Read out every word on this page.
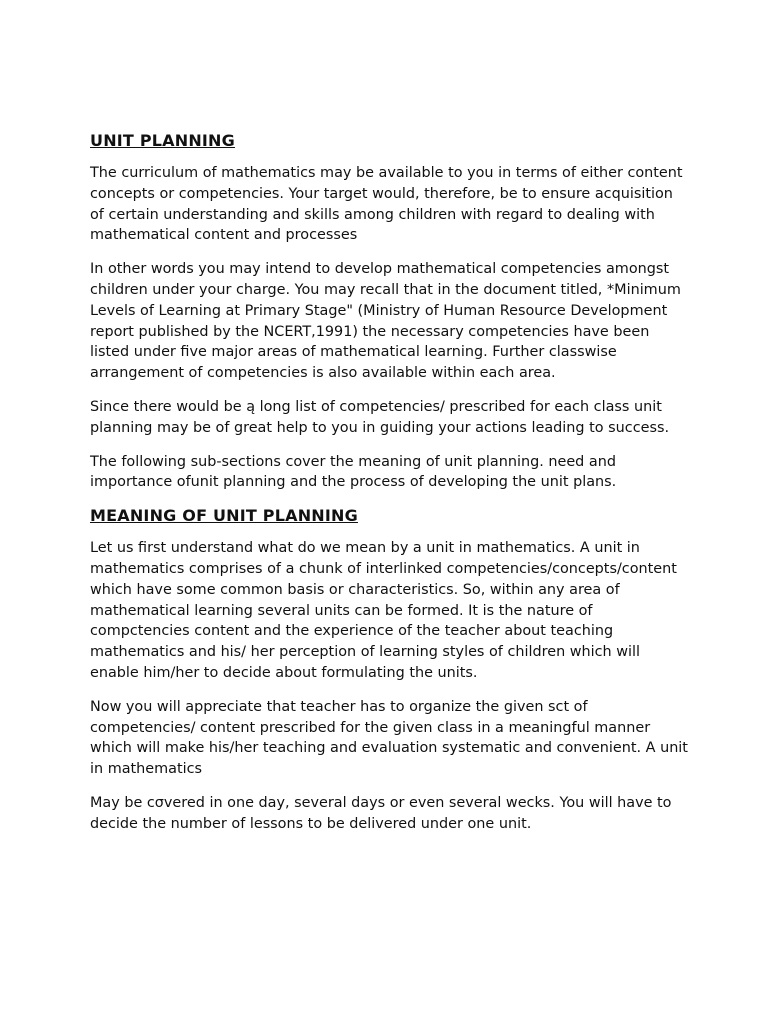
UNIT PLANNING

The curriculum of mathematics may be available to you in terms of either content concepts or competencies. Your target would, therefore, be to ensure acquisition of certain understanding and skills among children with regard to dealing with mathematical content and processes

In other words you may intend to develop mathematical competencies amongst children under your charge. You may recall that in the document titled, *Minimum Levels of Learning at Primary Stage" (Ministry of Human Resource Development report published by the NCERT,1991) the necessary competencies have been listed under five major areas of mathematical learning. Further classwise arrangement of competencies is also available within each area.

Since there would be ą long list of competencies/ prescribed for each class unit planning may be of great help to you in guiding your actions leading to success.

The following sub-sections cover the meaning of unit planning. need and importance ofunit planning and the process of developing the unit plans.

MEANING OF UNIT PLANNING

Let us first understand what do we mean by a unit in mathematics. A unit in mathematics comprises of a chunk of interlinked competencies/concepts/content which have some common basis or characteristics. So, within any area of mathematical learning several units can be formed. It is the nature of compctencies content and the experience of the teacher about teaching mathematics and his/ her perception of learning styles of children which will enable him/her to decide about formulating the units.

Now you will appreciate that teacher has to organize the given sct of competencies/ content prescribed for the given class in a meaningful manner which will make his/her teaching and evaluation systematic and convenient. A unit in mathematics

May be cσvered in one day, several days or even several wecks. You will have to decide the number of lessons to be delivered under one unit.
